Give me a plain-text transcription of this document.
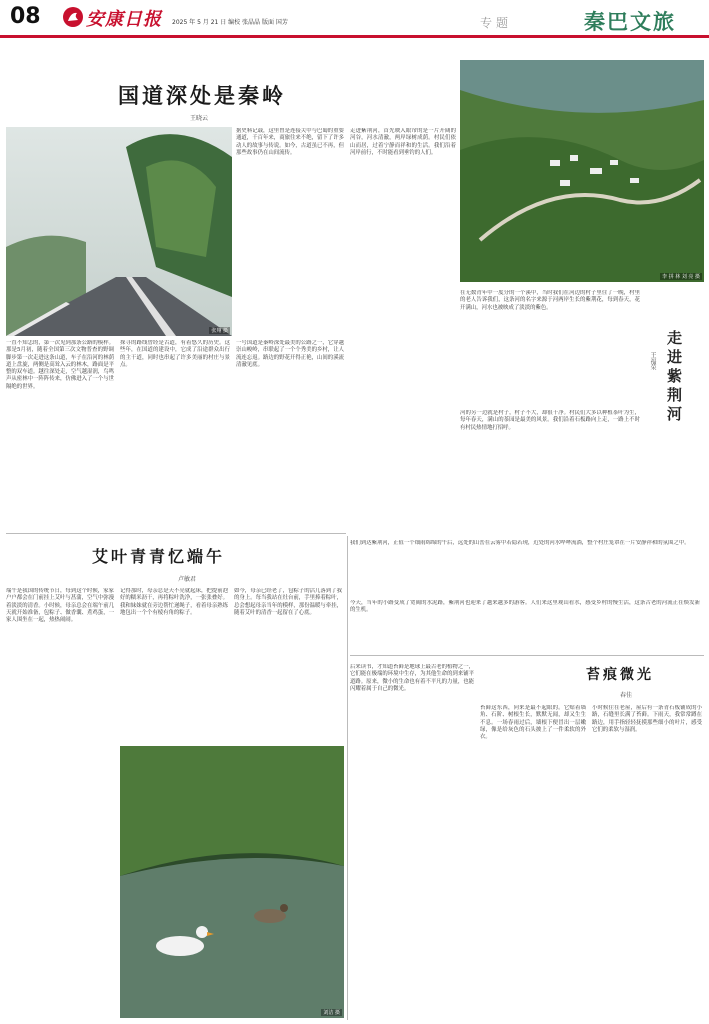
08	安康日报 2025 年 5 月 21 日 编校 张晶晶 版面 国芳	专题	秦巴文旅
国道深处是秦岭
王晓云
张翔 摄
一直不知怎的，第一次见到那条公路的模样。那是5月初，随着全国第三次文物普查的野调脚步第一次走进这条山道，车子在沿河的林荫道上盘旋，两侧是高耸入云的林木，路面是平整的双车道。越往深处走，空气越湿润，鸟鸣声从密林中一阵阵传来，仿佛进入了一个与世隔绝的世界。
探寻的路线曾经是古道，有着悠久的历史。这些年，在国道的建设中，它成了沿途群众出行的主干道，同时也串起了许多美丽的村庄与景点。
据史料记载，这里曾是连接关中与巴蜀的重要通道，千百年来，商旅往来不绝，留下了许多动人的故事与传说。如今，古道虽已不再，但那些故事仍在山间流传。
一号国道是秦岭深处最美的公路之一，它穿越崇山峻岭，串联起了一个个秀美的乡村，让人流连忘返。路边的野花开得正艳，山间的溪流清澈见底。
走进紫荆河，首先映入眼帘的是一片开阔的河谷，河水清澈，两岸绿树成荫。村民们依山而居，过着宁静而祥和的生活。我们沿着河岸前行，不时能看到垂钓的人们。
李 拼 林 刘 亮 摄
走进紫荆河
王福荣
在无数青年中一度分的一个溪中，当时我们在河边的村子里住了一晚，村里的老人告诉我们，这条河的名字来源于河两岸生长的紫荆花，每到春天，花开满山，河水也被映成了淡淡的紫色。
河的另一边就是村子，村子不大，却很干净。村民们大多以种植茶叶为生，每年春天，满山的茶园是最美的风景。我们沿着石板路向上走，一路上不时有村民热情地打招呼。
我们到达紫荆河，正值一个细雨绵绵的午后，远处的山峦在云雾中若隐若现，近处的河水哗哗流淌，整个村庄笼罩在一片安静祥和的氛围之中。
今天，当年的小路变成了宽阔的水泥路，紫荆河也迎来了越来越多的游客。人们来这里观山看水，感受乡村的慢生活，这条古老的河流正在焕发新的生机。
艾叶青青忆端午
卢敏君
端午是我国的传统节日，每到这个时候，家家户户都会在门前挂上艾叶与菖蒲，空气中弥漫着淡淡的清香。小时候，母亲总会在端午前几天就开始准备，包粽子、做香囊、煮鸡蛋，一家人围坐在一起，热热闹闹。
记得那时，母亲总是天不亮就起床，把提前泡好的糯米沥干，再将粽叶洗净，一张张叠好。我和妹妹就在旁边帮忙递绳子，看着母亲熟练地包出一个个有棱有角的粽子。
如今，母亲已经老了，包粽子的活儿落到了我的身上。每当我站在灶台前，手里捧着粽叶，总会想起母亲当年的模样，那份温暖与牵挂，随着艾叶的清香一起留在了心底。
刘洁 摄
苔痕微光
春佳
苔藓这东西，向来是最不起眼的。它贴着墙角、石阶、树根生长，默默无闻，却又生生不息。一场春雨过后，墙根下便冒出一层嫩绿，像是给灰色的石头披上了一件柔软的外衣。
小时候住在老屋，屋后有一条青石板铺成的小路，石缝里长满了苔藓。下雨天，我常常蹲在路边，用手指轻轻抚摸那些细小的叶片，感受它们的柔软与湿润。
后来读书，才知道苔藓是地球上最古老的植物之一，它们能在极端的环境中生存，为其他生命的到来铺平道路。原来，微小的生命也有着不平凡的力量，也能闪耀着属于自己的微光。
